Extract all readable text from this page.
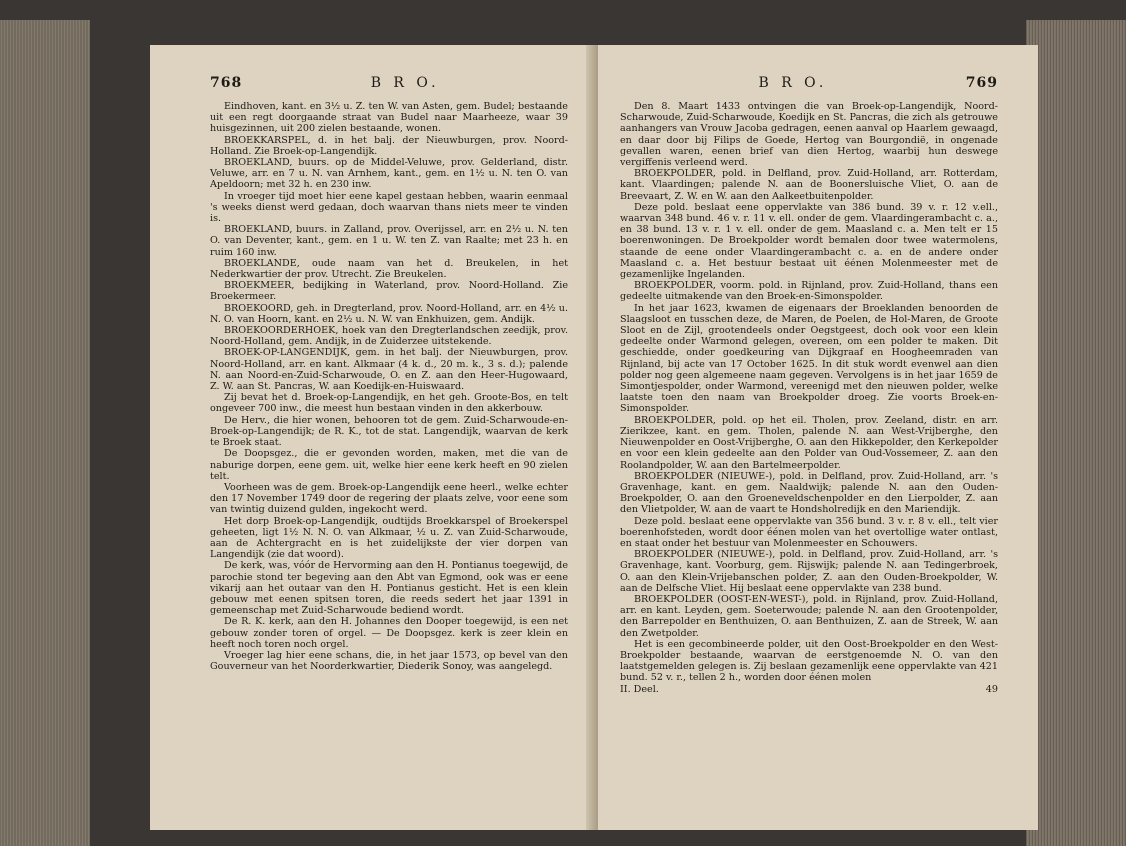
768	B R O.

Eindhoven, kant. en 3½ u. Z. ten W. van Asten, gem. Budel; bestaande uit een regt doorgaande straat van Budel naar Maarheeze, waar 39 huisgezinnen, uit 200 zielen bestaande, wonen.

BROEKKARSPEL, d. in het balj. der Nieuwburgen, prov. Noord-Holland. Zie Broek-op-Langendijk.

BROEKLAND, buurs. op de Middel-Veluwe, prov. Gelderland, distr. Veluwe, arr. en 7 u. N. van Arnhem, kant., gem. en 1½ u. N. ten O. van Apeldoorn; met 32 h. en 230 inw.

In vroeger tijd moet hier eene kapel gestaan hebben, waarin eenmaal 's weeks dienst werd gedaan, doch waarvan thans niets meer te vinden is.

BROEKLAND, buurs. in Zalland, prov. Overijssel, arr. en 2½ u. N. ten O. van Deventer, kant., gem. en 1 u. W. ten Z. van Raalte; met 23 h. en ruim 160 inw.

BROEKLANDE, oude naam van het d. Breukelen, in het Nederkwartier der prov. Utrecht. Zie Breukelen.

BROEKMEER, bedijking in Waterland, prov. Noord-Holland. Zie Broekermeer.

BROEKOORD, geh. in Dregterland, prov. Noord-Holland, arr. en 4½ u. N. O. van Hoorn, kant. en 2½ u. N. W. van Enkhuizen, gem. Andijk.

BROEKOORDERHOEK, hoek van den Dregterlandschen zeedijk, prov. Noord-Holland, gem. Andijk, in de Zuiderzee uitstekende.

BROEK-OP-LANGENDIJK, gem. in het balj. der Nieuwburgen, prov. Noord-Holland, arr. en kant. Alkmaar (4 k. d., 20 m. k., 3 s. d.); palende N. aan Noord-en-Zuid-Scharwoude, O. en Z. aan den Heer-Hugowaard, Z. W. aan St. Pancras, W. aan Koedijk-en-Huiswaard.

Zij bevat het d. Broek-op-Langendijk, en het geh. Groote-Bos, en telt ongeveer 700 inw., die meest hun bestaan vinden in den akkerbouw.

De Herv., die hier wonen, behooren tot de gem. Zuid-Scharwoude-en-Broek-op-Langendijk; de R. K., tot de stat. Langendijk, waarvan de kerk te Broek staat.

De Doopsgez., die er gevonden worden, maken, met die van de naburige dorpen, eene gem. uit, welke hier eene kerk heeft en 90 zielen telt.

Voorheen was de gem. Broek-op-Langendijk eene heerl., welke echter den 17 November 1749 door de regering der plaats zelve, voor eene som van twintig duizend gulden, ingekocht werd.

Het dorp Broek-op-Langendijk, oudtijds Broekkarspel of Broekerspel geheeten, ligt 1½ N. N. O. van Alkmaar, ½ u. Z. van Zuid-Scharwoude, aan de Achtergracht en is het zuidelijkste der vier dorpen van Langendijk (zie dat woord).

De kerk, was, vóór de Hervorming aan den H. Pontianus toegewijd, de parochie stond ter begeving aan den Abt van Egmond, ook was er eene vikarij aan het outaar van den H. Pontianus gesticht. Het is een klein gebouw met eenen spitsen toren, die reeds sedert het jaar 1391 in gemeenschap met Zuid-Scharwoude bediend wordt.

De R. K. kerk, aan den H. Johannes den Dooper toegewijd, is een net gebouw zonder toren of orgel. — De Doopsgez. kerk is zeer klein en heeft noch toren noch orgel.

Vroeger lag hier eene schans, die, in het jaar 1573, op bevel van den Gouverneur van het Noorderkwartier, Diederik Sonoy, was aangelegd.

B R O.	769

Den 8. Maart 1433 ontvingen die van Broek-op-Langendijk, Noord-Scharwoude, Zuid-Scharwoude, Koedijk en St. Pancras, die zich als getrouwe aanhangers van Vrouw Jacoba gedragen, eenen aanval op Haarlem gewaagd, en daar door bij Filips de Goede, Hertog van Bourgondië, in ongenade gevallen waren, eenen brief van dien Hertog, waarbij hun deswege vergiffenis verleend werd.

BROEKPOLDER, pold. in Delfland, prov. Zuid-Holland, arr. Rotterdam, kant. Vlaardingen; palende N. aan de Boonersluische Vliet, O. aan de Breevaart, Z. W. en W. aan den Aalkeetbuitenpolder.

Deze pold. beslaat eene oppervlakte van 386 bund. 39 v. r. 12 v.ell., waarvan 348 bund. 46 v. r. 11 v. ell. onder de gem. Vlaardingerambacht c. a., en 38 bund. 13 v. r. 1 v. ell. onder de gem. Maasland c. a. Men telt er 15 boerenwoningen. De Broekpolder wordt bemalen door twee watermolens, staande de eene onder Vlaardingerambacht c. a. en de andere onder Maasland c. a. Het bestuur bestaat uit éénen Molenmeester met de gezamenlijke Ingelanden.

BROEKPOLDER, voorm. pold. in Rijnland, prov. Zuid-Holland, thans een gedeelte uitmakende van den Broek-en-Simonspolder.

In het jaar 1623, kwamen de eigenaars der Broeklanden benoorden de Slaagsloot en tusschen deze, de Maren, de Poelen, de Hol-Maren, de Groote Sloot en de Zijl, grootendeels onder Oegstgeest, doch ook voor een klein gedeelte onder Warmond gelegen, overeen, om een polder te maken. Dit geschiedde, onder goedkeuring van Dijkgraaf en Hoogheemraden van Rijnland, bij acte van 17 October 1625. In dit stuk wordt evenwel aan dien polder nog geen algemeene naam gegeven. Vervolgens is in het jaar 1659 de Simontjespolder, onder Warmond, vereenigd met den nieuwen polder, welke laatste toen den naam van Broekpolder droeg. Zie voorts Broek-en-Simonspolder.

BROEKPOLDER, pold. op het eil. Tholen, prov. Zeeland, distr. en arr. Zierikzee, kant. en gem. Tholen, palende N. aan West-Vrijberghe, den Nieuwenpolder en Oost-Vrijberghe, O. aan den Hikkepolder, den Kerkepolder en voor een klein gedeelte aan den Polder van Oud-Vossemeer, Z. aan den Roolandpolder, W. aan den Bartelmeerpolder.

BROEKPOLDER (NIEUWE-), pold. in Delfland, prov. Zuid-Holland, arr. 's Gravenhage, kant. en gem. Naaldwijk; palende N. aan den Ouden-Broekpolder, O. aan den Groeneveldschenpolder en den Lierpolder, Z. aan den Vlietpolder, W. aan de vaart te Hondsholredijk en den Mariendijk.

Deze pold. beslaat eene oppervlakte van 356 bund. 3 v. r. 8 v. ell., telt vier boerenhofsteden, wordt door éénen molen van het overtollige water ontlast, en staat onder het bestuur van Molenmeester en Schouwers.

BROEKPOLDER (NIEUWE-), pold. in Delfland, prov. Zuid-Holland, arr. 's Gravenhage, kant. Voorburg, gem. Rijswijk; palende N. aan Tedingerbroek, O. aan den Klein-Vrijebanschen polder, Z. aan den Ouden-Broekpolder, W. aan de Delfsche Vliet. Hij beslaat eene oppervlakte van 238 bund.

BROEKPOLDER (OOST-EN-WEST-), pold. in Rijnland, prov. Zuid-Holland, arr. en kant. Leyden, gem. Soeterwoude; palende N. aan den Grootenpolder, den Barrepolder en Benthuizen, O. aan Benthuizen, Z. aan de Streek, W. aan den Zwetpolder.

Het is een gecombineerde polder, uit den Oost-Broekpolder en den West-Broekpolder bestaande, waarvan de eerstgenoemde N. O. van den laatstgemelden gelegen is. Zij beslaan gezamenlijk eene oppervlakte van 421 bund. 52 v. r., tellen 2 h., worden door éénen molen

II. Deel.	49
